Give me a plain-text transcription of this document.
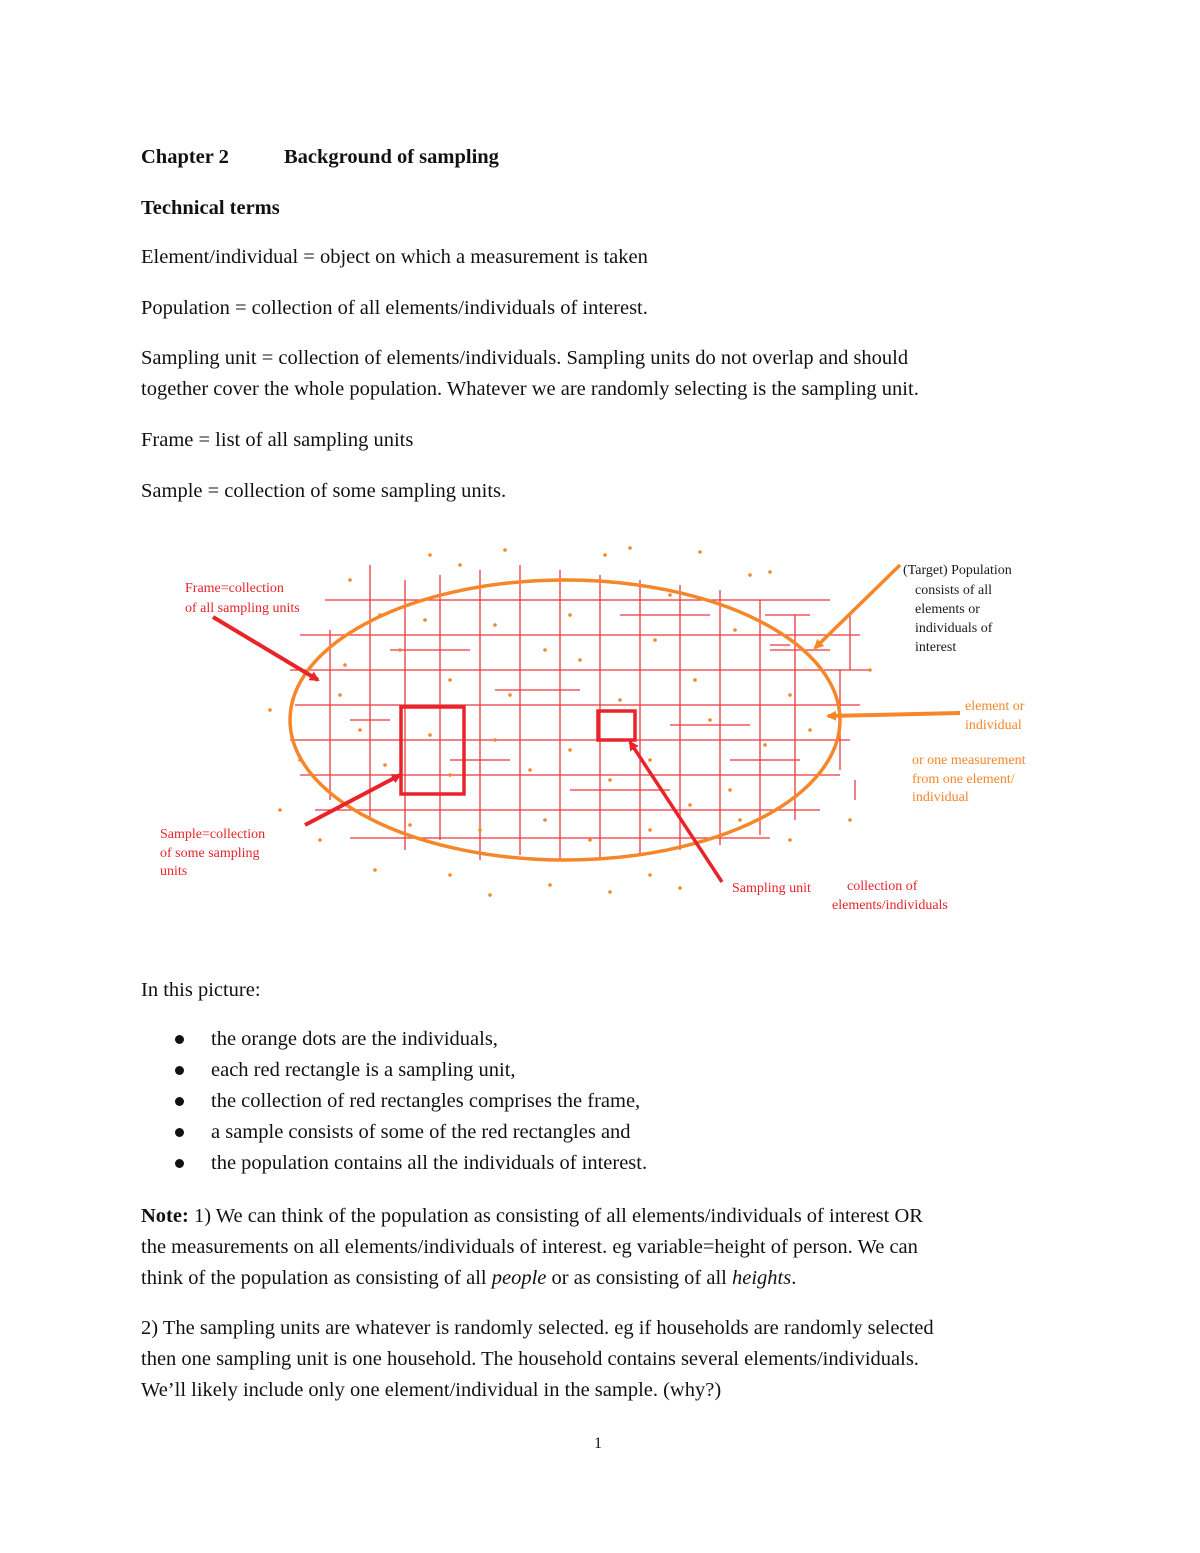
Chapter 2	Background of sampling
Technical terms
Element/individual = object on which a measurement is taken
Population = collection of all elements/individuals of interest.
Sampling unit = collection of elements/individuals. Sampling units do not overlap and should
together cover the whole population. Whatever we are randomly selecting is the sampling unit.
Frame = list of all sampling units
Sample = collection of some sampling units.
Frame=collection
of all sampling units
(Target) Population
consists of all
elements or
individuals of
interest
element or
individual
or one measurement
from one element/
individual
Sample=collection
of some sampling
units
Sampling unit	collection of
elements/individuals
In this picture:
the orange dots are the individuals,
each red rectangle is a sampling unit,
the collection of red rectangles comprises the frame,
a sample consists of some of the red rectangles and
the population contains all the individuals of interest.
Note: 1) We can think of the population as consisting of all elements/individuals of interest OR
the measurements on all elements/individuals of interest. eg variable=height of person. We can
think of the population as consisting of all people or as consisting of all heights.
2) The sampling units are whatever is randomly selected. eg if households are randomly selected
then one sampling unit is one household. The household contains several elements/individuals.
We’ll likely include only one element/individual in the sample. (why?)
1
